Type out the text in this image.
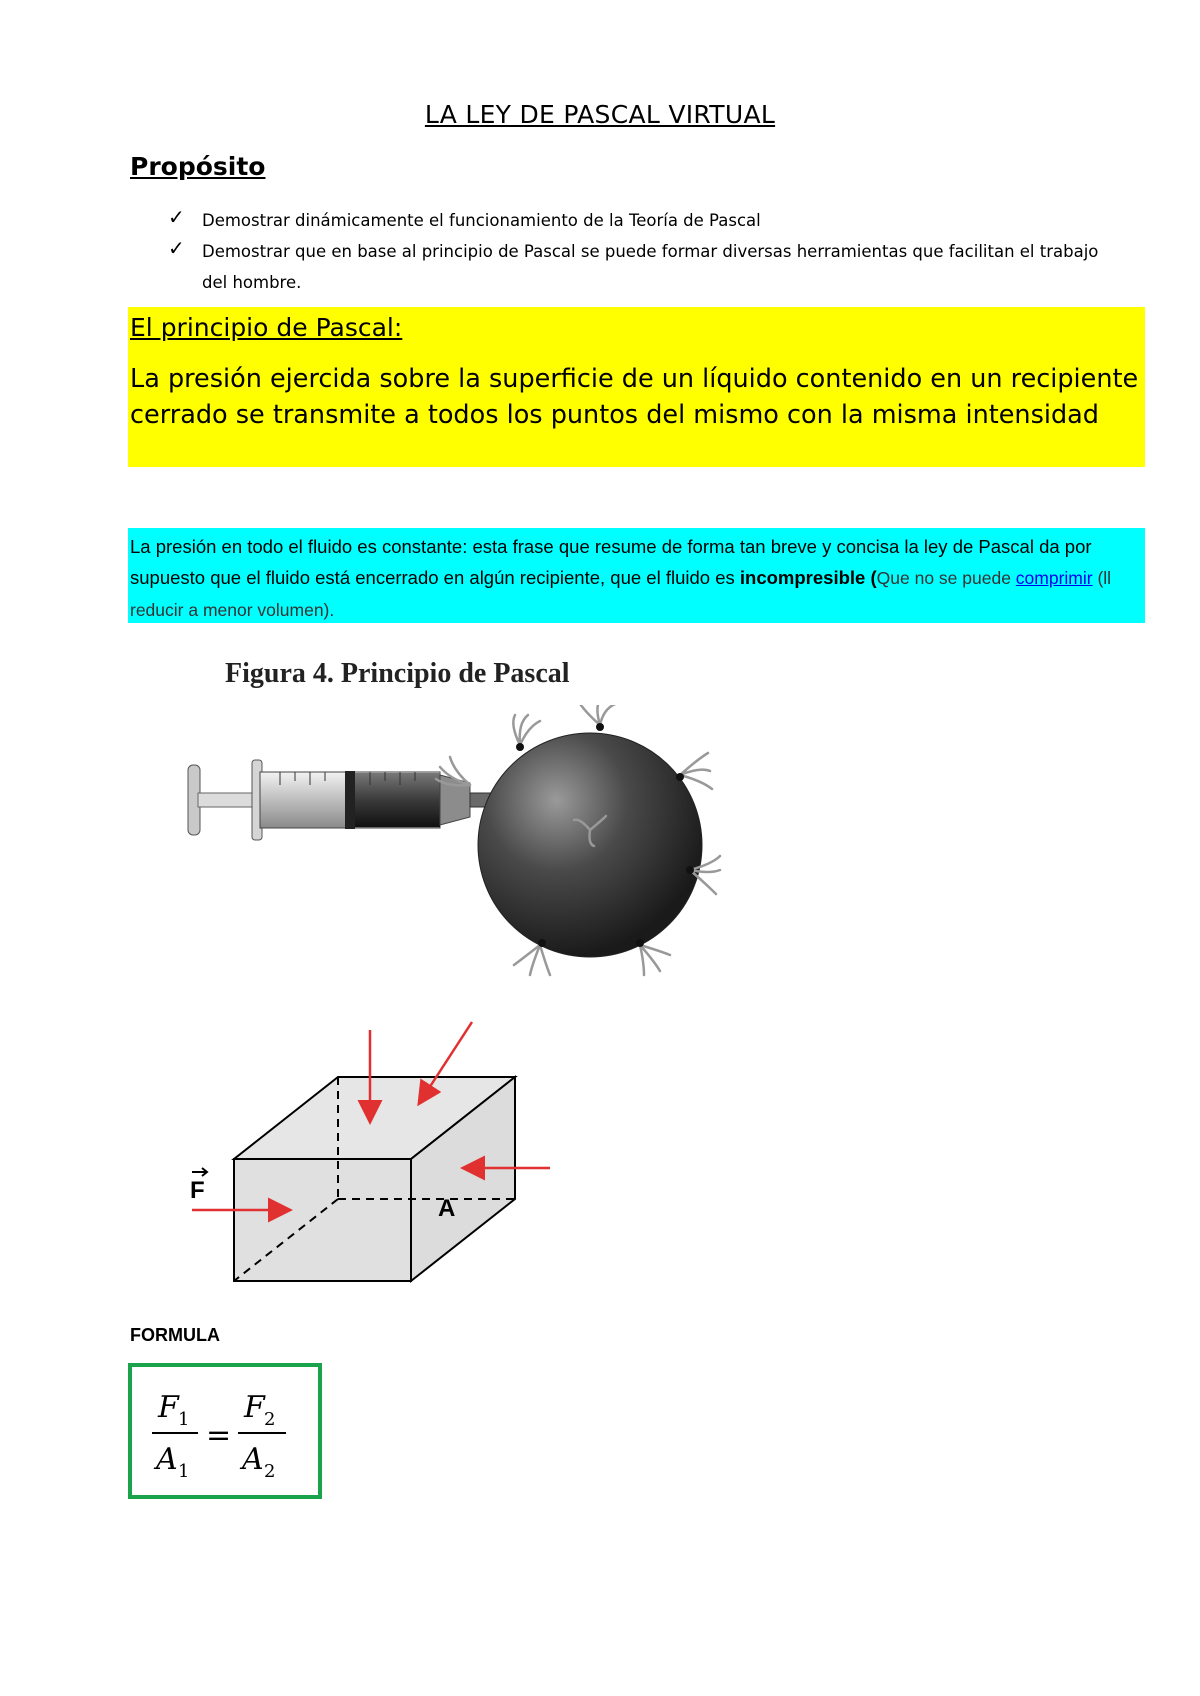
LA LEY DE PASCAL VIRTUAL
Propósito
✓ Demostrar dinámicamente el funcionamiento de la Teoría de Pascal
✓ Demostrar que en base al principio de Pascal se puede formar diversas herramientas que facilitan el trabajo del hombre.
El principio de Pascal:
La presión ejercida sobre la superficie de un líquido contenido en un recipiente cerrado se transmite a todos los puntos del mismo con la misma intensidad
La presión en todo el fluido es constante: esta frase que resume de forma tan breve y concisa la ley de Pascal da por supuesto que el fluido está encerrado en algún recipiente, que el fluido es incompresible (Que no se puede comprimir (ll reducir a menor volumen).
Figura 4. Principio de Pascal
F
A
FORMULA
F 1
A 1
=
F 2
A 2
